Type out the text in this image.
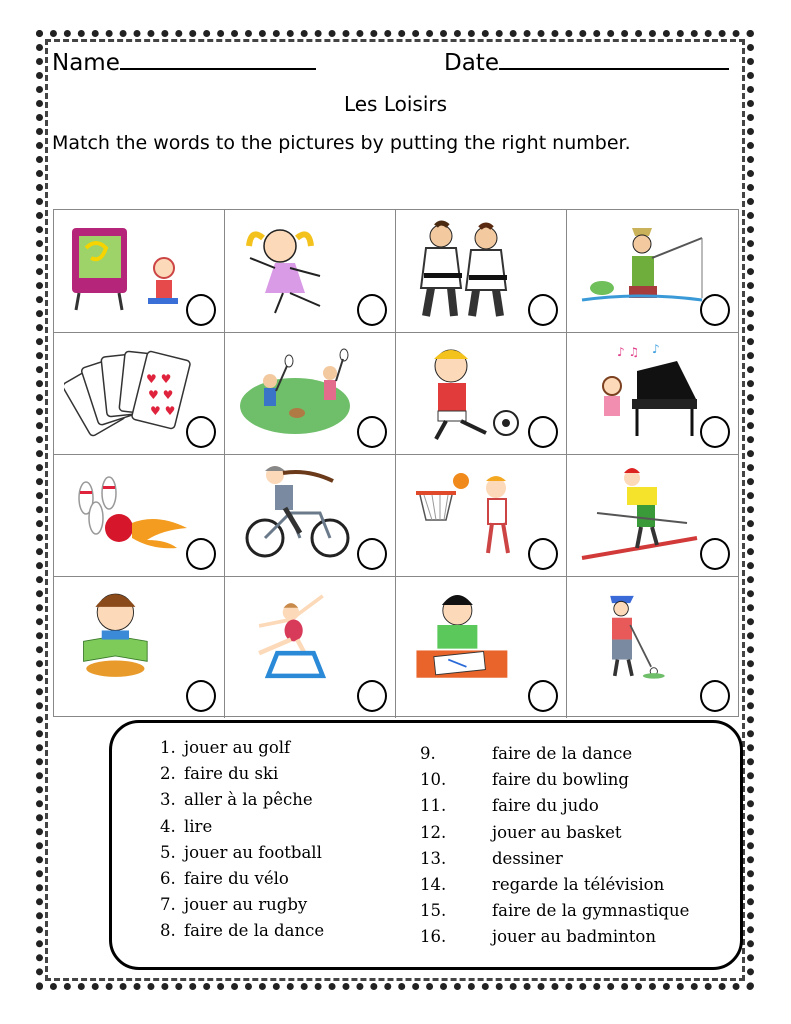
Name	Date
Les Loisirs
Match the words to the pictures by putting the right number.
♥ ♥
♥ ♥
♥ ♥
♪ ♫ ♪
1. jouer au golf
2. faire du ski
3. aller à la pêche
4. lire
5. jouer au football
6. faire du vélo
7. jouer au rugby
8. faire de la dance
9.	faire de la dance
10.	faire du bowling
11.	faire du judo
12.	jouer au basket
13.	dessiner
14.	regarde la télévision
15.	faire de la gymnastique
16.	jouer au badminton
